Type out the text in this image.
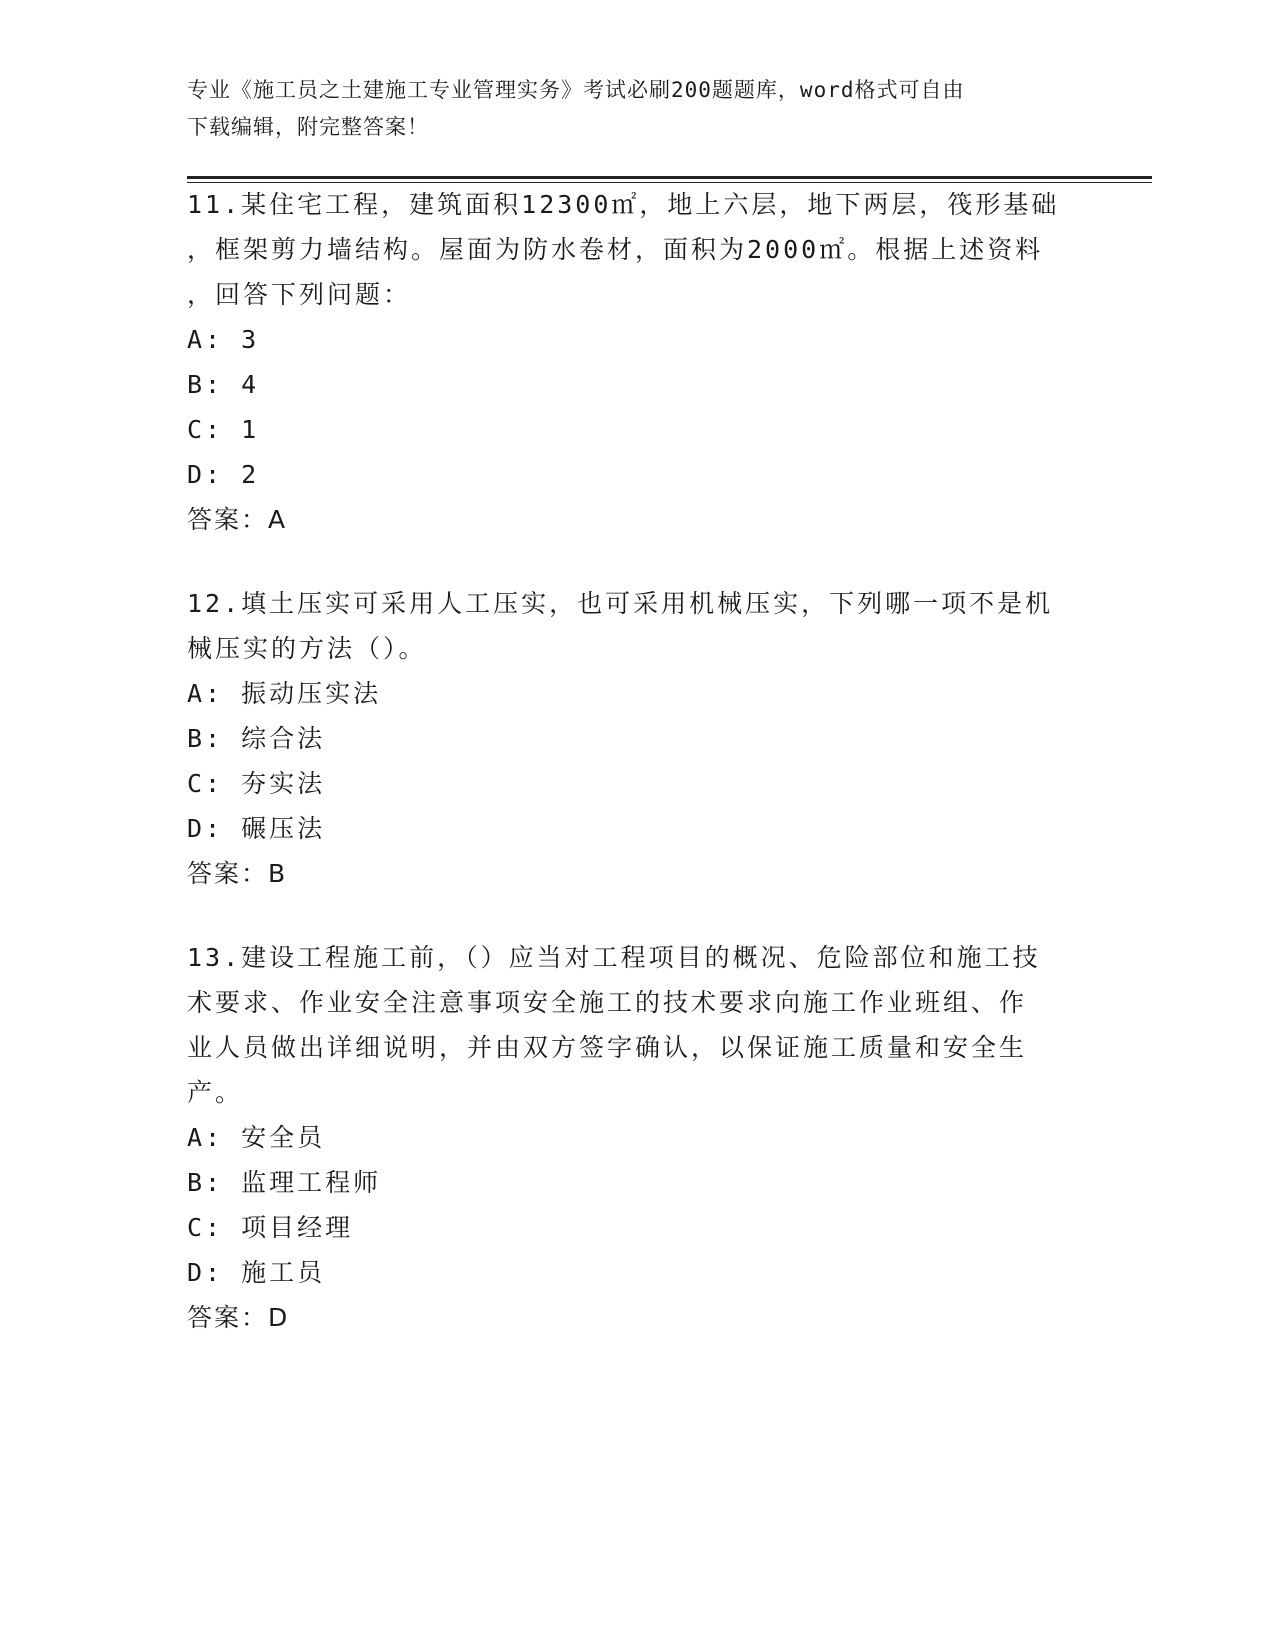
专业《施工员之土建施工专业管理实务》考试必刷200题题库，word格式可自由
下载编辑，附完整答案！
11.某住宅工程，建筑面积12300㎡，地上六层，地下两层，筏形基础
，框架剪力墙结构。屋面为防水卷材，面积为2000㎡。根据上述资料
，回答下列问题：

A: 3

B: 4

C: 1

D: 2

答案：A

12.填土压实可采用人工压实，也可采用机械压实，下列哪一项不是机
械压实的方法（）。

A: 振动压实法

B: 综合法

C: 夯实法

D: 碾压法

答案：B

13.建设工程施工前，（）应当对工程项目的概况、危险部位和施工技
术要求、作业安全注意事项安全施工的技术要求向施工作业班组、作
业人员做出详细说明，并由双方签字确认，以保证施工质量和安全生
产。

A: 安全员

B: 监理工程师

C: 项目经理

D: 施工员

答案：D
